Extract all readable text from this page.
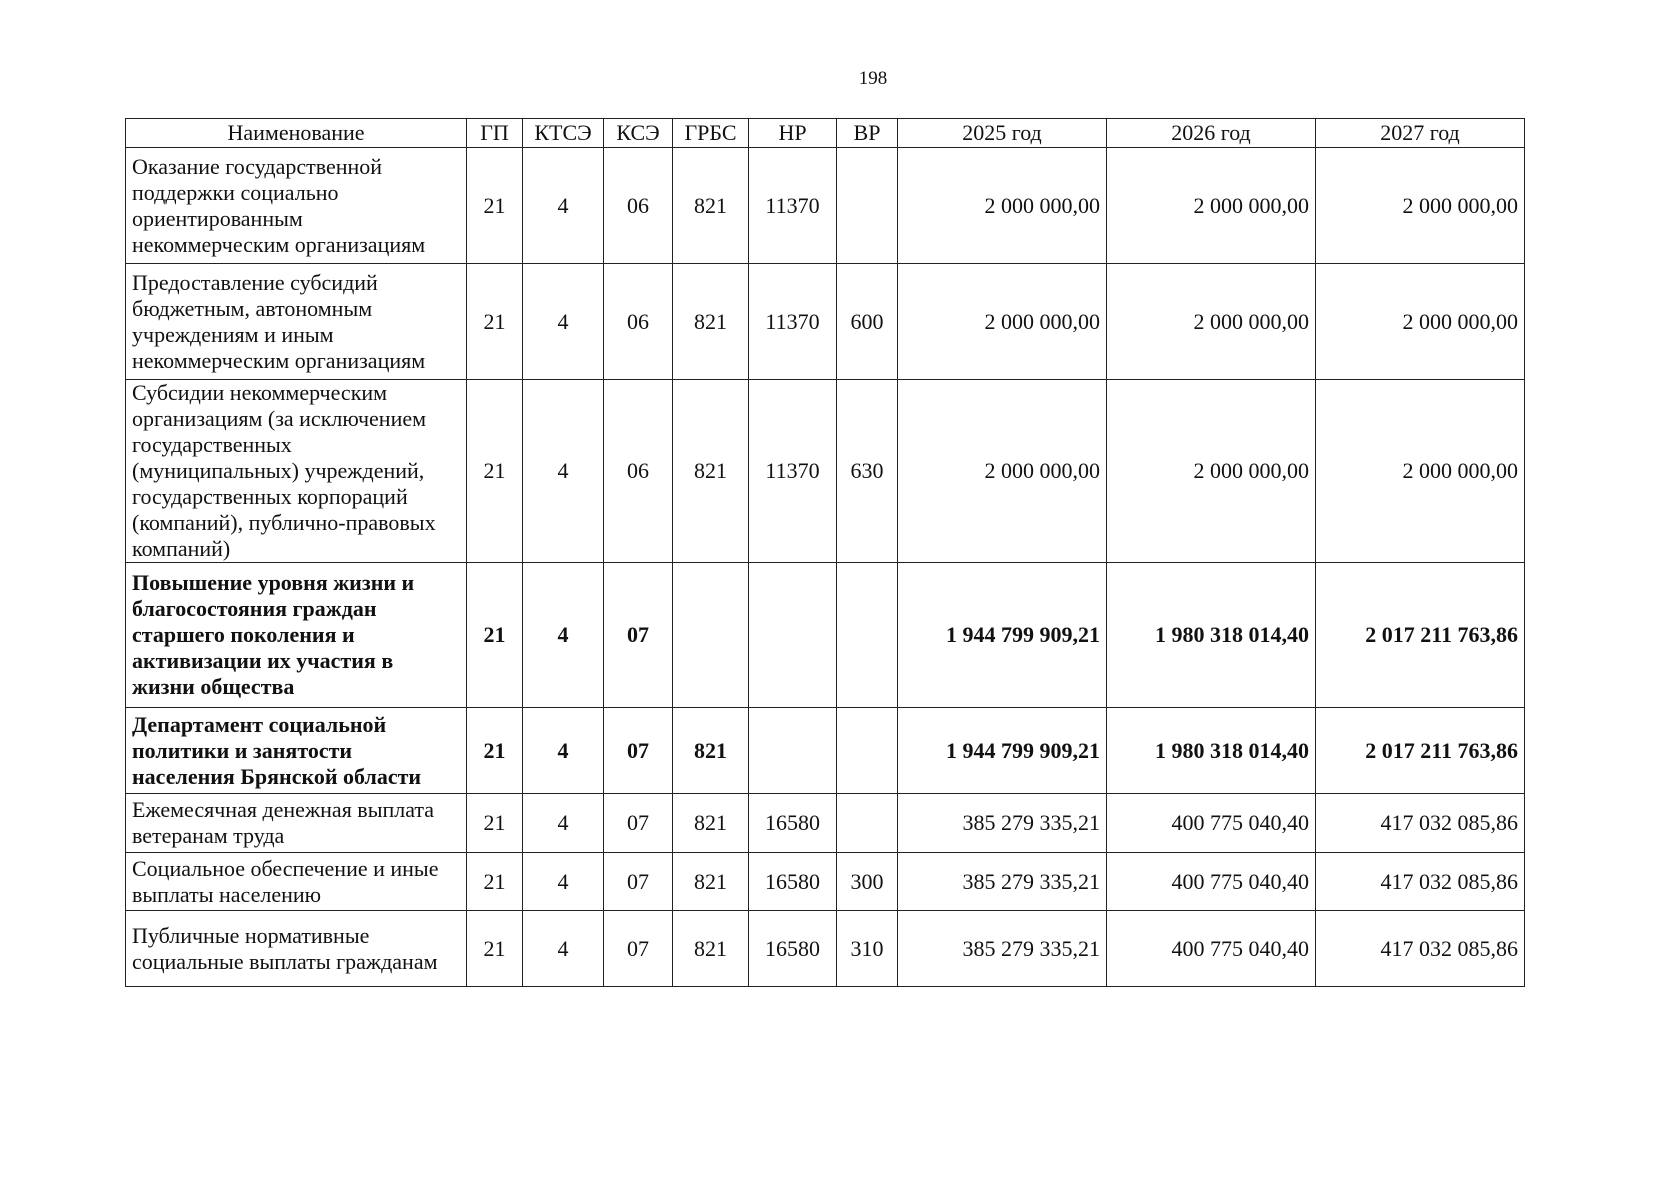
198
Наименование	ГП	КТСЭ	КСЭ	ГРБС	НР	ВР	2025 год	2026 год	2027 год
Оказание государственной поддержки социально ориентированным некоммерческим организациям	21	4	06	821	11370		2 000 000,00	2 000 000,00	2 000 000,00
Предоставление субсидий бюджетным, автономным учреждениям и иным некоммерческим организациям	21	4	06	821	11370	600	2 000 000,00	2 000 000,00	2 000 000,00
Субсидии некоммерческим организациям (за исключением государственных (муниципальных) учреждений, государственных корпораций (компаний), публично-правовых компаний)	21	4	06	821	11370	630	2 000 000,00	2 000 000,00	2 000 000,00
Повышение уровня жизни и благосостояния граждан старшего поколения и активизации их участия в жизни общества	21	4	07				1 944 799 909,21	1 980 318 014,40	2 017 211 763,86
Департамент социальной политики и занятости населения Брянской области	21	4	07	821			1 944 799 909,21	1 980 318 014,40	2 017 211 763,86
Ежемесячная денежная выплата ветеранам труда	21	4	07	821	16580		385 279 335,21	400 775 040,40	417 032 085,86
Социальное обеспечение и иные выплаты населению	21	4	07	821	16580	300	385 279 335,21	400 775 040,40	417 032 085,86
Публичные нормативные социальные выплаты гражданам	21	4	07	821	16580	310	385 279 335,21	400 775 040,40	417 032 085,86
